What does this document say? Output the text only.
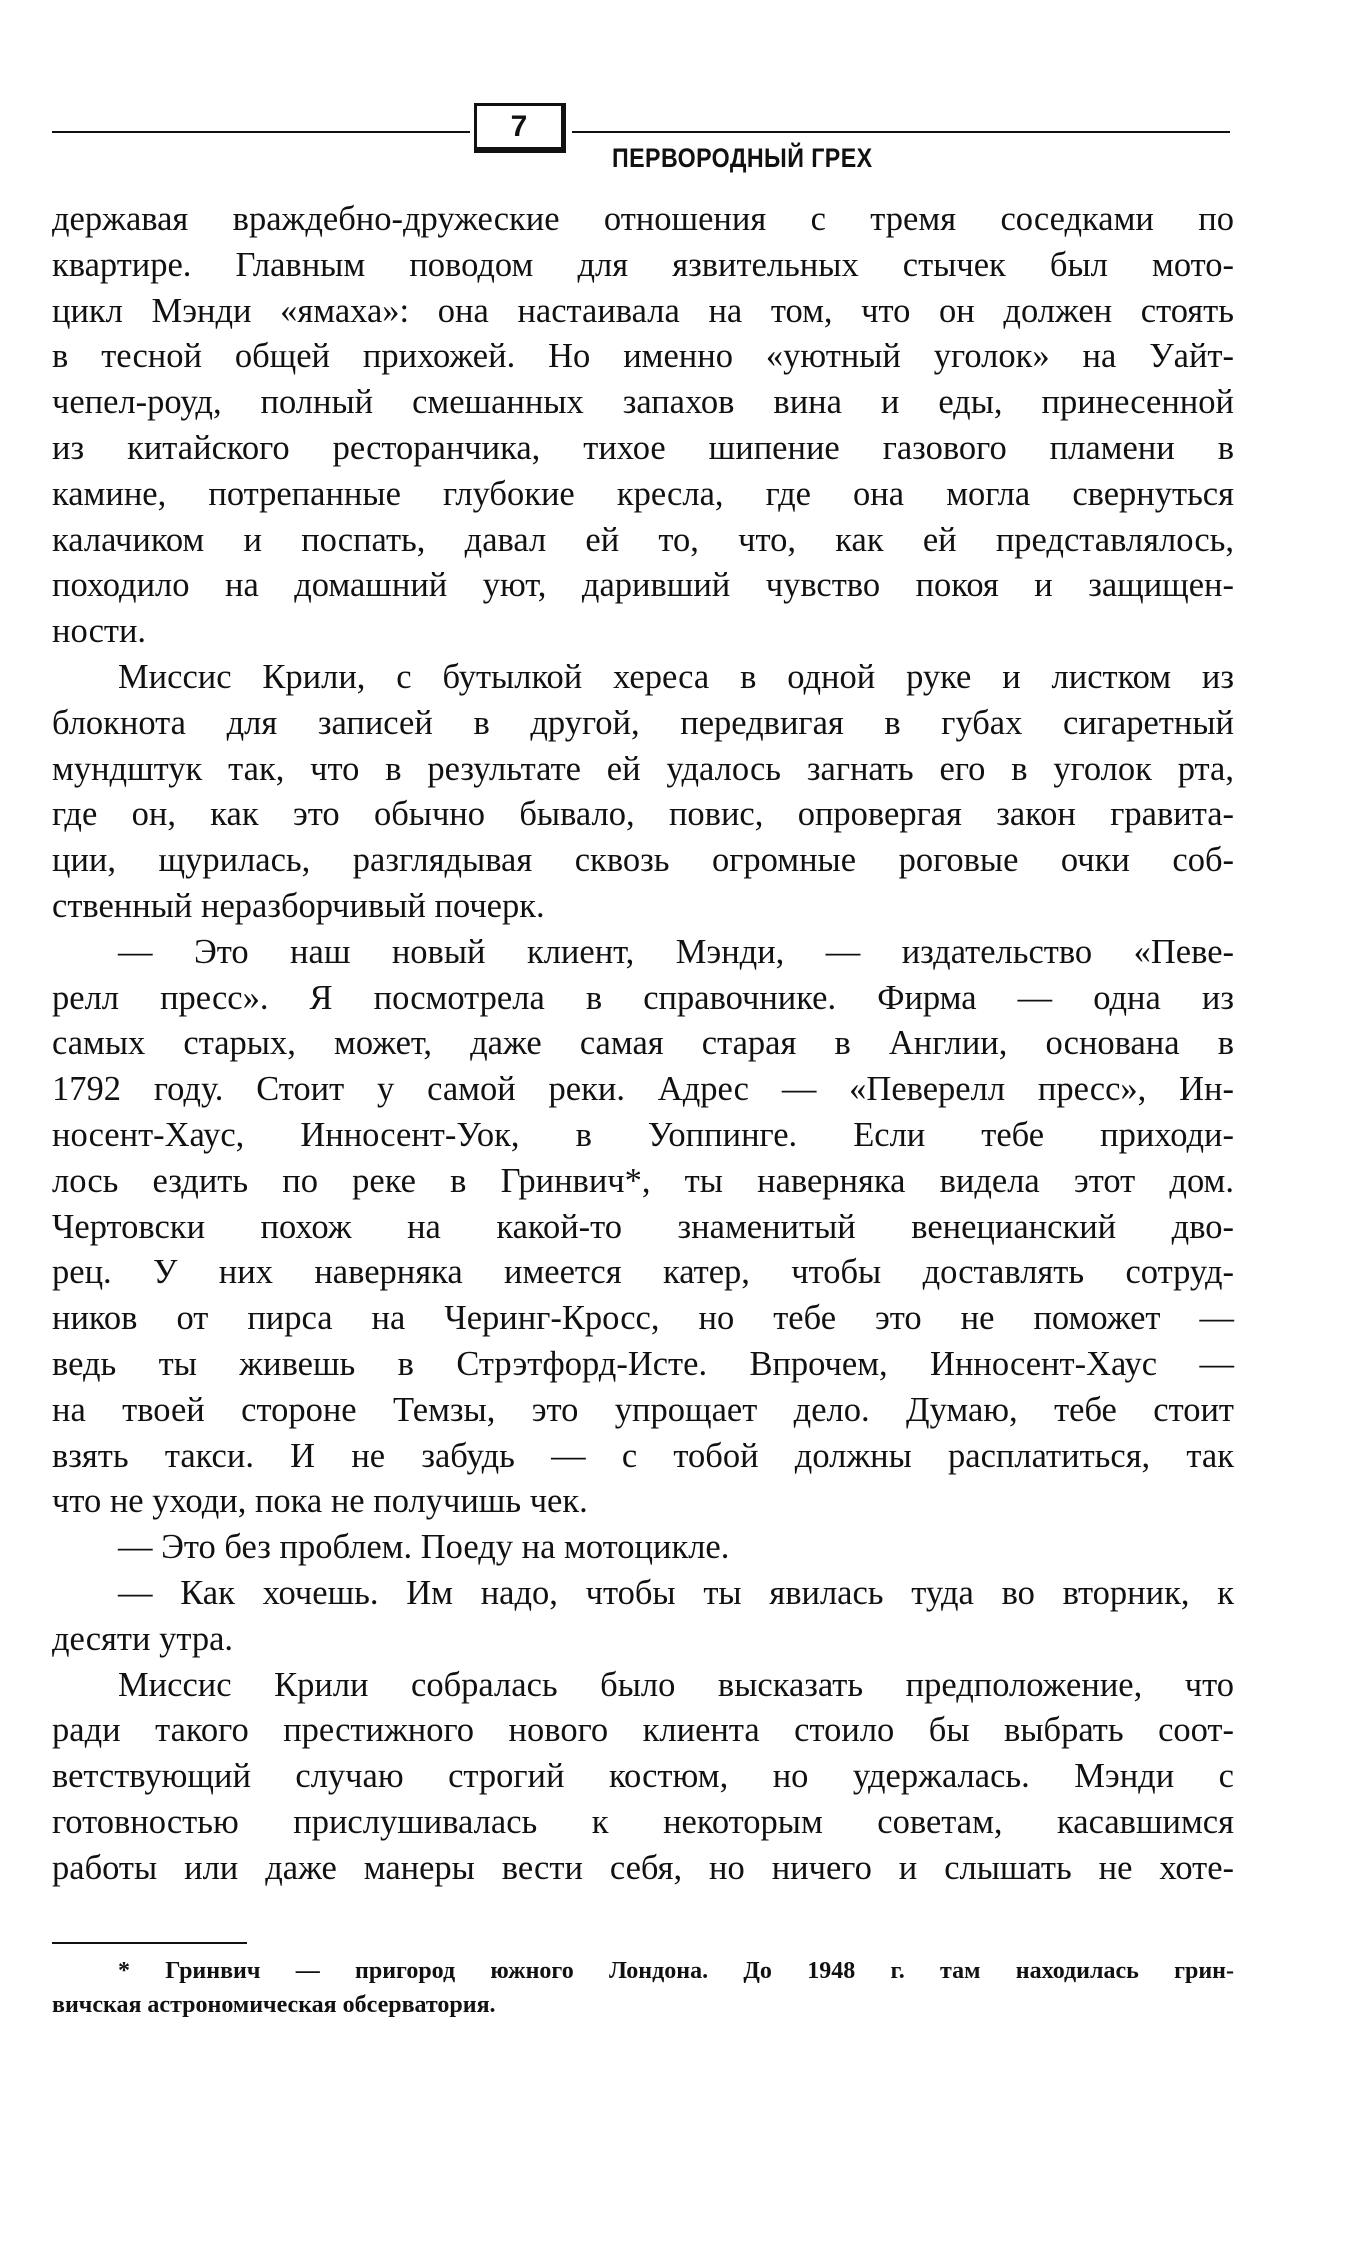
7
ПЕРВОРОДНЫЙ ГРЕХ
державая враждебно-дружеские отношения с тремя соседками по
квартире. Главным поводом для язвительных стычек был мото-
цикл Мэнди «ямаха»: она настаивала на том, что он должен стоять
в тесной общей прихожей. Но именно «уютный уголок» на Уайт-
чепел-роуд, полный смешанных запахов вина и еды, принесенной
из китайского ресторанчика, тихое шипение газового пламени в
камине, потрепанные глубокие кресла, где она могла свернуться
калачиком и поспать, давал ей то, что, как ей представлялось,
походило на домашний уют, даривший чувство покоя и защищен-
ности.
Миссис Крили, с бутылкой хереса в одной руке и листком из
блокнота для записей в другой, передвигая в губах сигаретный
мундштук так, что в результате ей удалось загнать его в уголок рта,
где он, как это обычно бывало, повис, опровергая закон гравита-
ции, щурилась, разглядывая сквозь огромные роговые очки соб-
ственный неразборчивый почерк.
— Это наш новый клиент, Мэнди, — издательство «Певе-
релл пресс». Я посмотрела в справочнике. Фирма — одна из
самых старых, может, даже самая старая в Англии, основана в
1792 году. Стоит у самой реки. Адрес — «Певерелл пресс», Ин-
носент-Хаус, Инносент-Уок, в Уоппинге. Если тебе приходи-
лось ездить по реке в Гринвич*, ты наверняка видела этот дом.
Чертовски похож на какой-то знаменитый венецианский дво-
рец. У них наверняка имеется катер, чтобы доставлять сотруд-
ников от пирса на Черинг-Кросс, но тебе это не поможет —
ведь ты живешь в Стрэтфорд-Исте. Впрочем, Инносент-Хаус —
на твоей стороне Темзы, это упрощает дело. Думаю, тебе стоит
взять такси. И не забудь — с тобой должны расплатиться, так
что не уходи, пока не получишь чек.
— Это без проблем. Поеду на мотоцикле.
— Как хочешь. Им надо, чтобы ты явилась туда во вторник, к
десяти утра.
Миссис Крили собралась было высказать предположение, что
ради такого престижного нового клиента стоило бы выбрать соот-
ветствующий случаю строгий костюм, но удержалась. Мэнди с
готовностью прислушивалась к некоторым советам, касавшимся
работы или даже манеры вести себя, но ничего и слышать не хоте-
* Гринвич — пригород южного Лондона. До 1948 г. там находилась грин-
вичская астрономическая обсерватория.
